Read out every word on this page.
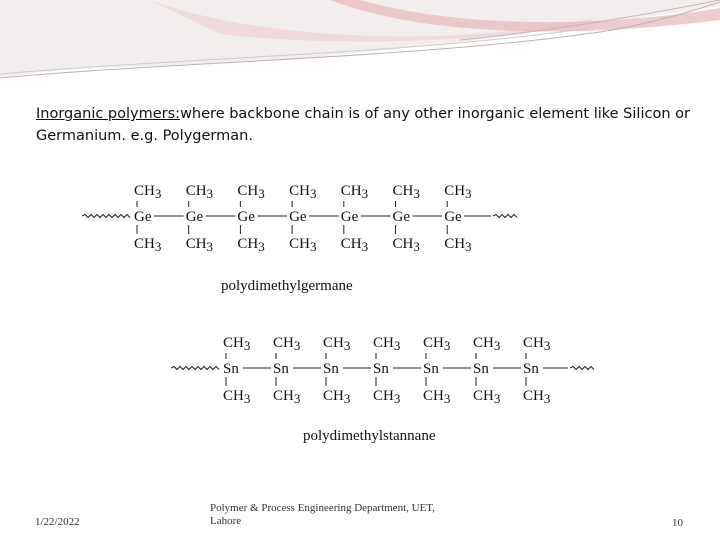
Inorganic polymers:where backbone chain is of any other inorganic element like Silicon or Germanium. e.g. Polygerman.
CH3
Ge
CH3
CH3
Ge
CH3
CH3
Ge
CH3
CH3
Ge
CH3
CH3
Ge
CH3
CH3
Ge
CH3
CH3
Ge
CH3
polydimethylgermane
CH3
Sn
CH3
CH3
Sn
CH3
CH3
Sn
CH3
CH3
Sn
CH3
CH3
Sn
CH3
CH3
Sn
CH3
CH3
Sn
CH3
polydimethylstannane
1/22/2022
Polymer & Process Engineering Department, UET,
Lahore	10
